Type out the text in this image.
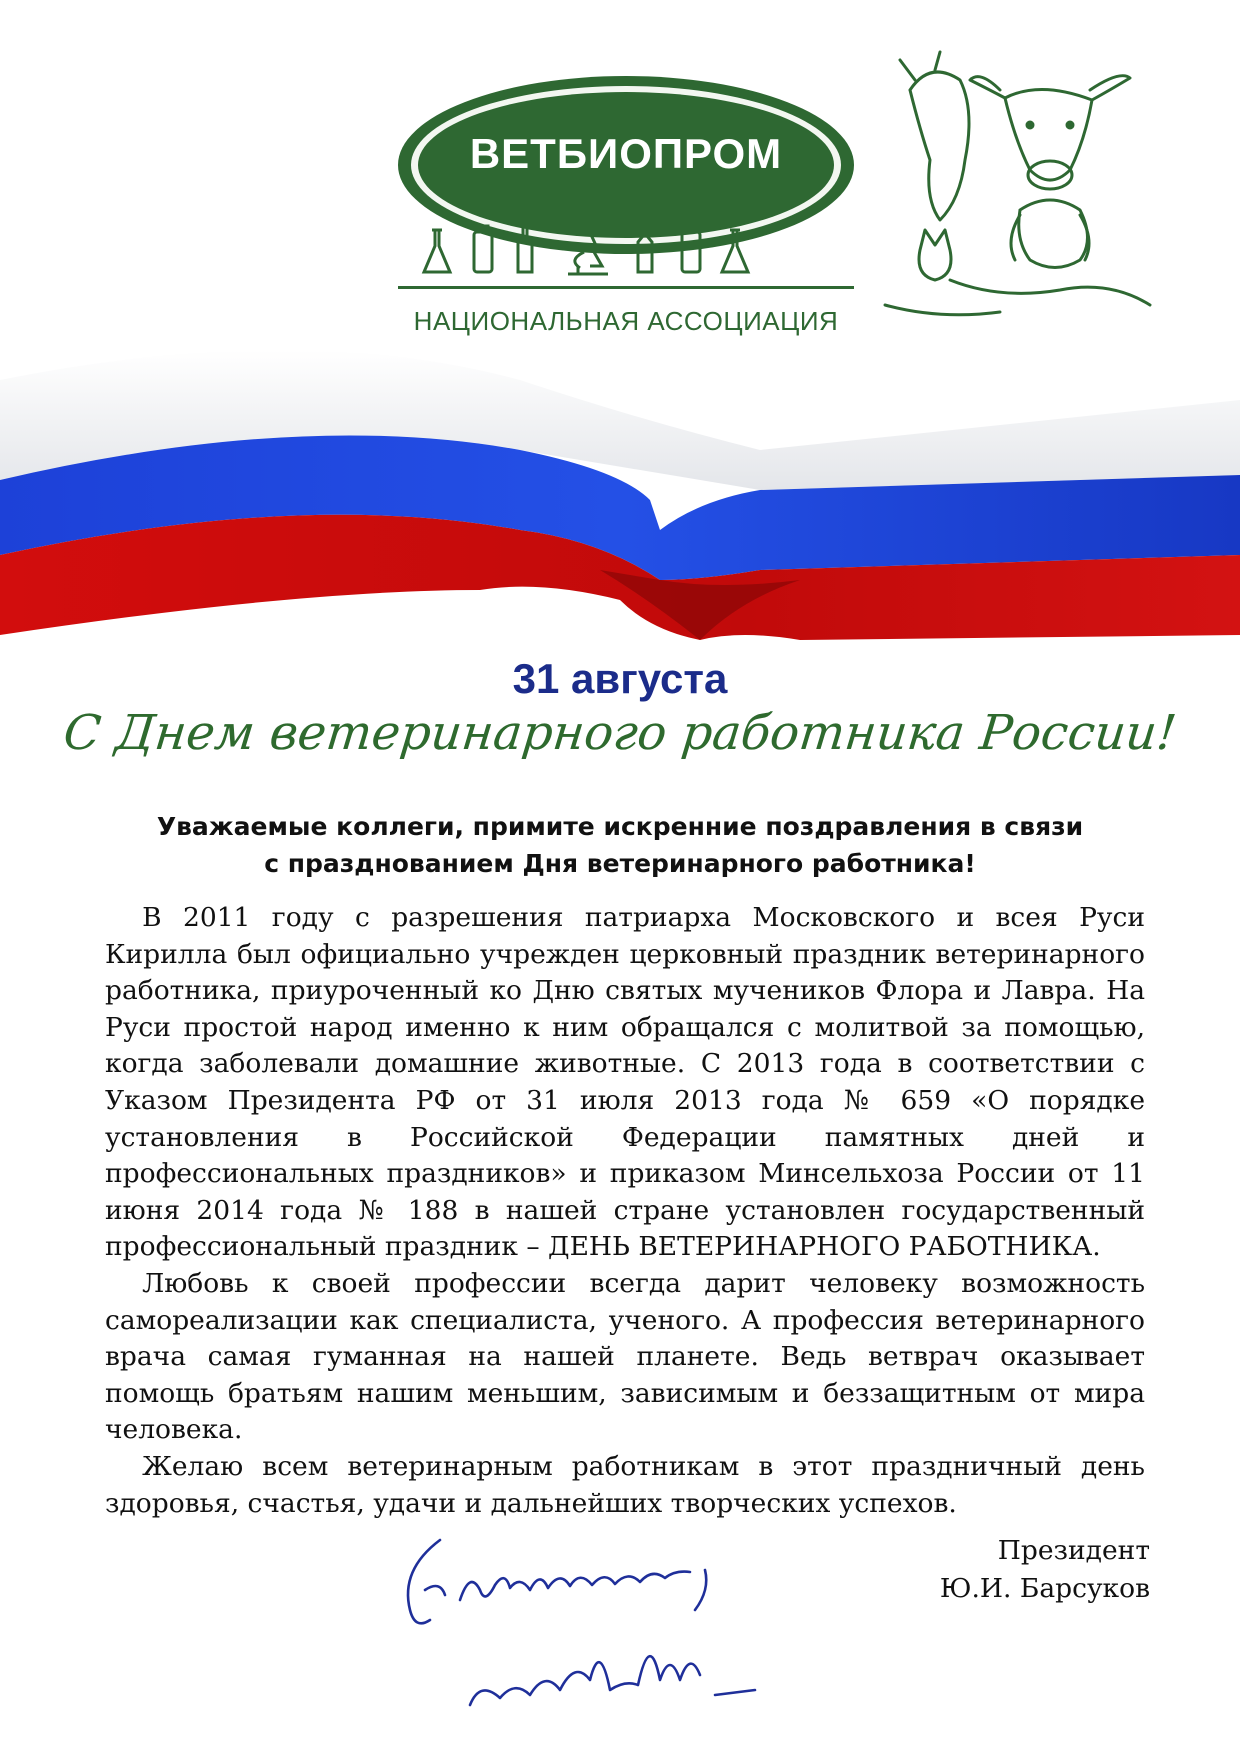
ВЕТБИОПРОМ
НАЦИОНАЛЬНАЯ АССОЦИАЦИЯ
31 августа
С Днем ветеринарного работника России!
Уважаемые коллеги, примите искренние поздравления в связи
с празднованием Дня ветеринарного работника!

В 2011 году с разрешения патриарха Московского и всея Руси Кирилла был официально учрежден церковный праздник ветеринарного работника, приуроченный ко Дню святых мучеников Флора и Лавра. На Руси простой народ именно к ним обращался с молитвой за помощью, когда заболевали домашние животные. С 2013 года в соответствии с Указом Президента РФ от 31 июля 2013 года № 659 «О порядке установления в Российской Федерации памятных дней и профессиональных праздников» и приказом Минсельхоза России от 11 июня 2014 года № 188 в нашей стране установлен государственный профессиональный праздник – ДЕНЬ ВЕТЕРИНАРНОГО РАБОТНИКА.

Любовь к своей профессии всегда дарит человеку возможность самореализации как специалиста, ученого. А профессия ветеринарного врача самая гуманная на нашей планете. Ведь ветврач оказывает помощь братьям нашим меньшим, зависимым и беззащитным от мира человека.

Желаю всем ветеринарным работникам в этот праздничный день здоровья, счастья, удачи и дальнейших творческих успехов.

Президент
Ю.И. Барсуков
